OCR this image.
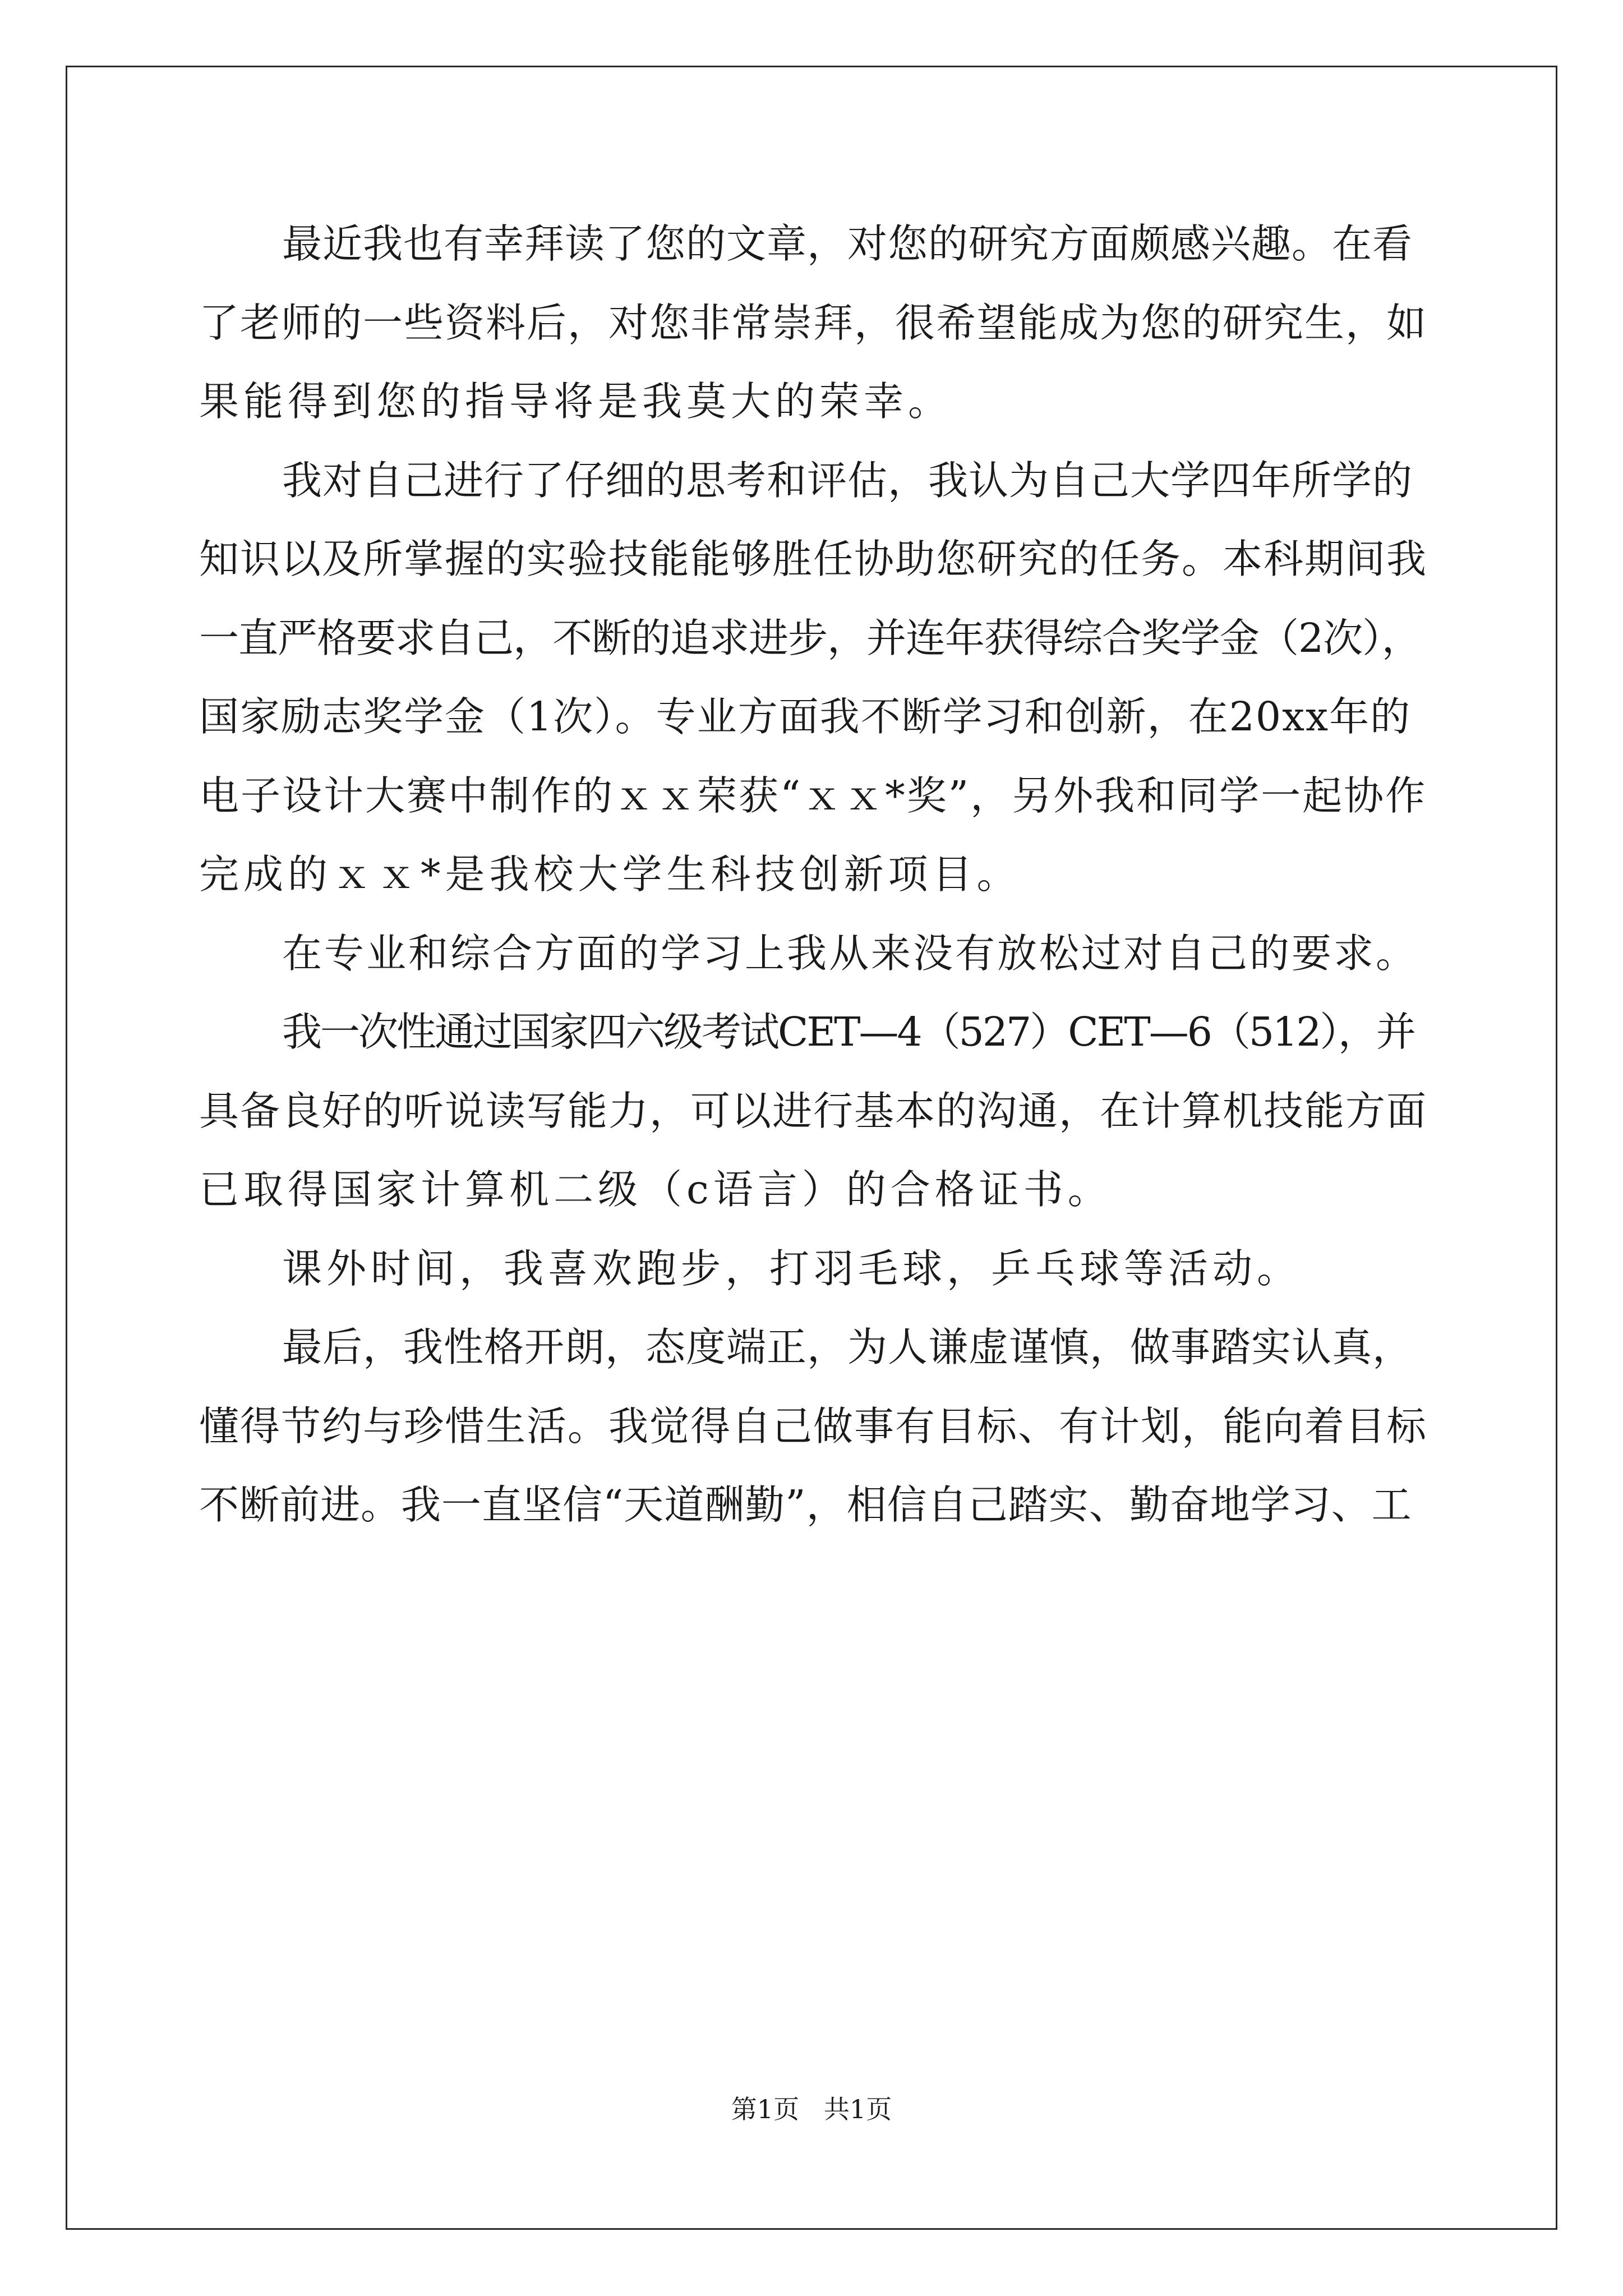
最近我也有幸拜读了您的文章，对您的研究方面颇感兴趣。在看
了老师的一些资料后，对您非常崇拜，很希望能成为您的研究生，如
果能得到您的指导将是我莫大的荣幸。
我对自己进行了仔细的思考和评估，我认为自己大学四年所学的
知识以及所掌握的实验技能能够胜任协助您研究的任务。本科期间我
一直严格要求自己，不断的追求进步，并连年获得综合奖学金（2次），
国家励志奖学金（1次）。专业方面我不断学习和创新，在20xx年的
电子设计大赛中制作的ｘｘ荣获“ｘｘ*奖”，另外我和同学一起协作
完成的ｘｘ*是我校大学生科技创新项目。
在专业和综合方面的学习上我从来没有放松过对自己的要求。
我一次性通过国家四六级考试CET—4（527）CET—6（512），并
具备良好的听说读写能力，可以进行基本的沟通，在计算机技能方面
已取得国家计算机二级（c语言）的合格证书。
课外时间，我喜欢跑步，打羽毛球，乒乓球等活动。
最后，我性格开朗，态度端正，为人谦虚谨慎，做事踏实认真，
懂得节约与珍惜生活。我觉得自己做事有目标、有计划，能向着目标
不断前进。我一直坚信“天道酬勤”，相信自己踏实、勤奋地学习、工
第1页   共1页
